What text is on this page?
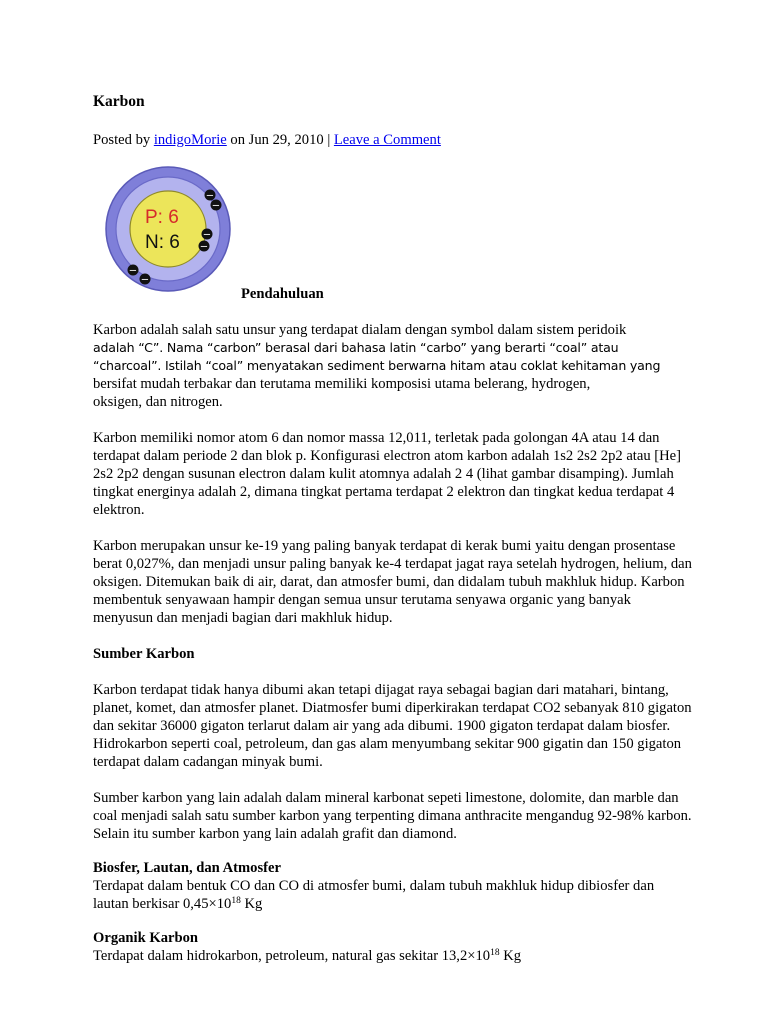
Karbon
Posted by indigoMorie on Jun 29, 2010 | Leave a Comment
P: 6
N: 6
−
−
−
−
−
−
Pendahuluan
Karbon adalah salah satu unsur yang terdapat dialam dengan symbol dalam sistem peridoik
adalah “C”. Nama “carbon” berasal dari bahasa latin “carbo” yang berarti “coal” atau
“charcoal”. Istilah “coal” menyatakan sediment berwarna hitam atau coklat kehitaman yang
bersifat mudah terbakar dan terutama memiliki komposisi utama belerang, hydrogen,
oksigen, dan nitrogen.

Karbon memiliki nomor atom 6 dan nomor massa 12,011, terletak pada golongan 4A atau 14 dan terdapat dalam periode 2 dan blok p. Konfigurasi electron atom karbon adalah 1s2 2s2 2p2 atau [He] 2s2 2p2 dengan susunan electron dalam kulit atomnya adalah 2 4 (lihat gambar disamping). Jumlah tingkat energinya adalah 2, dimana tingkat pertama terdapat 2 elektron dan tingkat kedua terdapat 4 elektron.

Karbon merupakan unsur ke-19 yang paling banyak terdapat di kerak bumi yaitu dengan prosentase berat 0,027%, dan menjadi unsur paling banyak ke-4 terdapat jagat raya setelah hydrogen, helium, dan oksigen. Ditemukan baik di air, darat, dan atmosfer bumi, dan didalam tubuh makhluk hidup. Karbon membentuk senyawaan hampir dengan semua unsur terutama senyawa organic yang banyak menyusun dan menjadi bagian dari makhluk hidup.

Sumber Karbon

Karbon terdapat tidak hanya dibumi akan tetapi dijagat raya sebagai bagian dari matahari, bintang, planet, komet, dan atmosfer planet. Diatmosfer bumi diperkirakan terdapat CO2 sebanyak 810 gigaton dan sekitar 36000 gigaton terlarut dalam air yang ada dibumi. 1900 gigaton terdapat dalam biosfer. Hidrokarbon seperti coal, petroleum, dan gas alam menyumbang sekitar 900 gigatin dan 150 gigaton terdapat dalam cadangan minyak bumi.

Sumber karbon yang lain adalah dalam mineral karbonat sepeti limestone, dolomite, dan marble dan coal menjadi salah satu sumber karbon yang terpenting dimana anthracite mengandug 92-98% karbon. Selain itu sumber karbon yang lain adalah grafit dan diamond.

Biosfer, Lautan, dan Atmosfer

Terdapat dalam bentuk CO dan CO di atmosfer bumi, dalam tubuh makhluk hidup dibiosfer dan lautan berkisar $0,45\times 10^{18}$ Kg

Organik Karbon

Terdapat dalam hidrokarbon, petroleum, natural gas sekitar $13,2\times 10^{18}$ Kg
